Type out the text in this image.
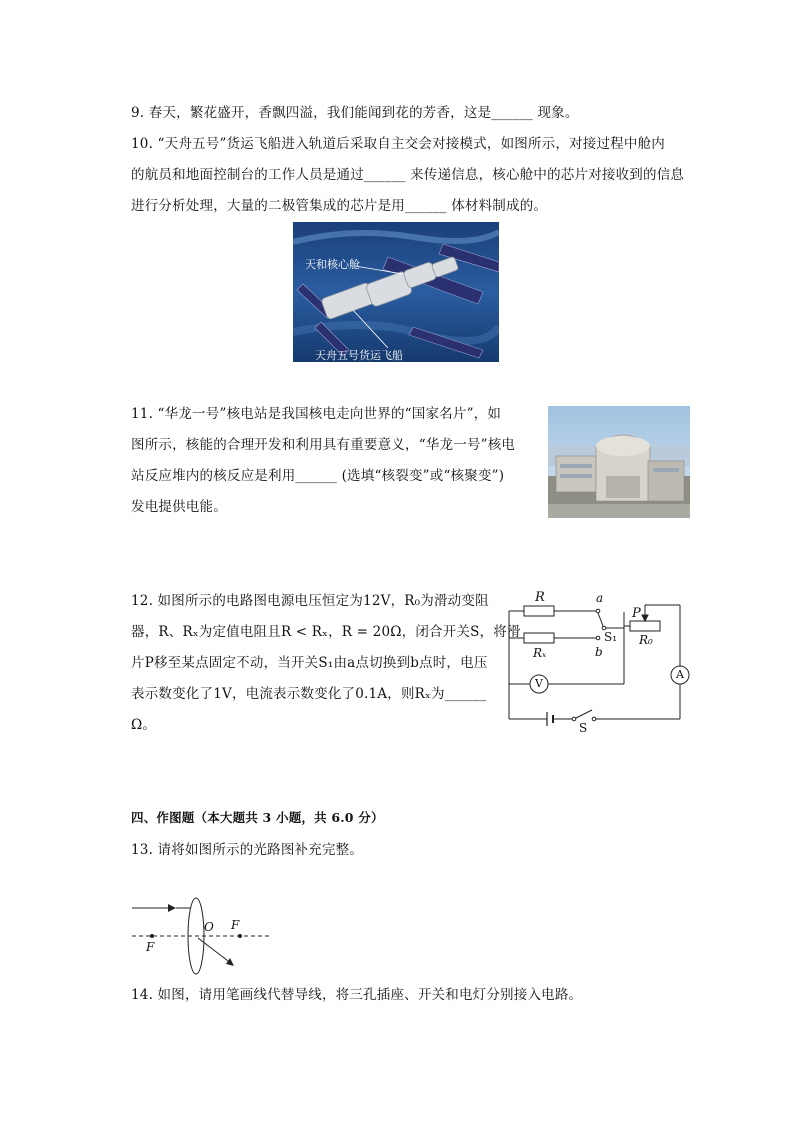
9. 春天，繁花盛开，香飘四溢，我们能闻到花的芳香，这是______ 现象。
10. “天舟五号”货运飞船进入轨道后采取自主交会对接模式，如图所示，对接过程中舱内
的航员和地面控制台的工作人员是通过______ 来传递信息，核心舱中的芯片对接收到的信息
进行分析处理，大量的二极管集成的芯片是用______ 体材料制成的。
天和核心舱
天舟五号货运飞船
11. “华龙一号”核电站是我国核电走向世界的“国家名片”，如
图所示，核能的合理开发和利用具有重要意义，“华龙一号”核电
站反应堆内的核反应是利用______ (选填“核裂变”或“核聚变”)
发电提供电能。
12. 如图所示的电路图电源电压恒定为12V，R₀为滑动变阻
器，R、Rₓ为定值电阻且R < Rₓ，R = 20Ω，闭合开关S，将滑
片P移至某点固定不动，当开关S₁由a点切换到b点时，电压
表示数变化了1V，电流表示数变化了0.1A，则Rₓ为______
Ω。
R	a
P
S₁ R₀
Rₓ	b
V
A
S
四、作图题（本大题共 3 小题，共 6.0 分）
13. 请将如图所示的光路图补充完整。
F
O F
14. 如图，请用笔画线代替导线，将三孔插座、开关和电灯分别接入电路。
